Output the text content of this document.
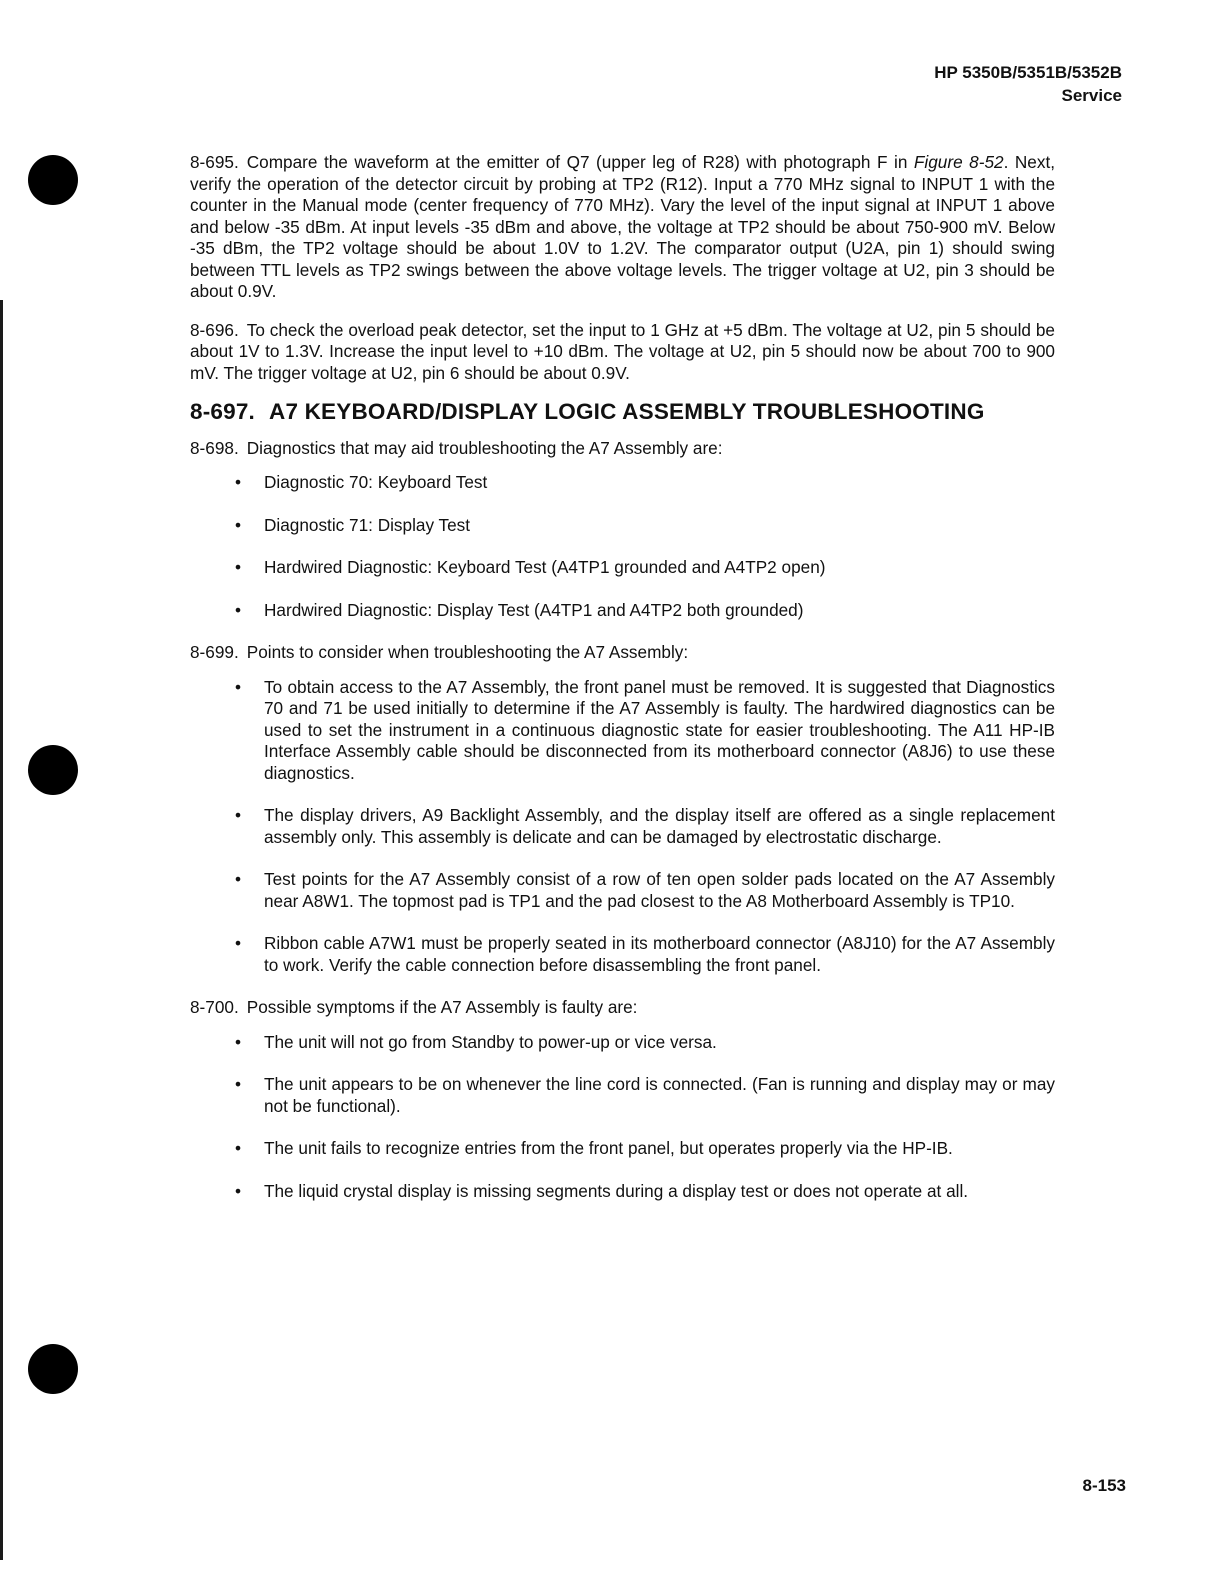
HP 5350B/5351B/5352B
Service

8-695. Compare the waveform at the emitter of Q7 (upper leg of R28) with photograph F in Figure 8-52. Next, verify the operation of the detector circuit by probing at TP2 (R12). Input a 770 MHz signal to INPUT 1 with the counter in the Manual mode (center frequency of 770 MHz). Vary the level of the input signal at INPUT 1 above and below -35 dBm. At input levels -35 dBm and above, the voltage at TP2 should be about 750-900 mV. Below -35 dBm, the TP2 voltage should be about 1.0V to 1.2V. The comparator output (U2A, pin 1) should swing between TTL levels as TP2 swings between the above voltage levels. The trigger voltage at U2, pin 3 should be about 0.9V.

8-696. To check the overload peak detector, set the input to 1 GHz at +5 dBm. The voltage at U2, pin 5 should be about 1V to 1.3V. Increase the input level to +10 dBm. The voltage at U2, pin 5 should now be about 700 to 900 mV. The trigger voltage at U2, pin 6 should be about 0.9V.

8-697. A7 KEYBOARD/DISPLAY LOGIC ASSEMBLY TROUBLESHOOTING

8-698. Diagnostics that may aid troubleshooting the A7 Assembly are:

• Diagnostic 70: Keyboard Test
• Diagnostic 71: Display Test
• Hardwired Diagnostic: Keyboard Test (A4TP1 grounded and A4TP2 open)
• Hardwired Diagnostic: Display Test (A4TP1 and A4TP2 both grounded)

8-699. Points to consider when troubleshooting the A7 Assembly:

• To obtain access to the A7 Assembly, the front panel must be removed. It is suggested that Diagnostics 70 and 71 be used initially to determine if the A7 Assembly is faulty. The hardwired diagnostics can be used to set the instrument in a continuous diagnostic state for easier troubleshooting. The A11 HP-IB Interface Assembly cable should be disconnected from its motherboard connector (A8J6) to use these diagnostics.
• The display drivers, A9 Backlight Assembly, and the display itself are offered as a single replacement assembly only. This assembly is delicate and can be damaged by electrostatic discharge.
• Test points for the A7 Assembly consist of a row of ten open solder pads located on the A7 Assembly near A8W1. The topmost pad is TP1 and the pad closest to the A8 Motherboard Assembly is TP10.
• Ribbon cable A7W1 must be properly seated in its motherboard connector (A8J10) for the A7 Assembly to work. Verify the cable connection before disassembling the front panel.

8-700. Possible symptoms if the A7 Assembly is faulty are:

• The unit will not go from Standby to power-up or vice versa.
• The unit appears to be on whenever the line cord is connected. (Fan is running and display may or may not be functional).
• The unit fails to recognize entries from the front panel, but operates properly via the HP-IB.
• The liquid crystal display is missing segments during a display test or does not operate at all.
8-153
